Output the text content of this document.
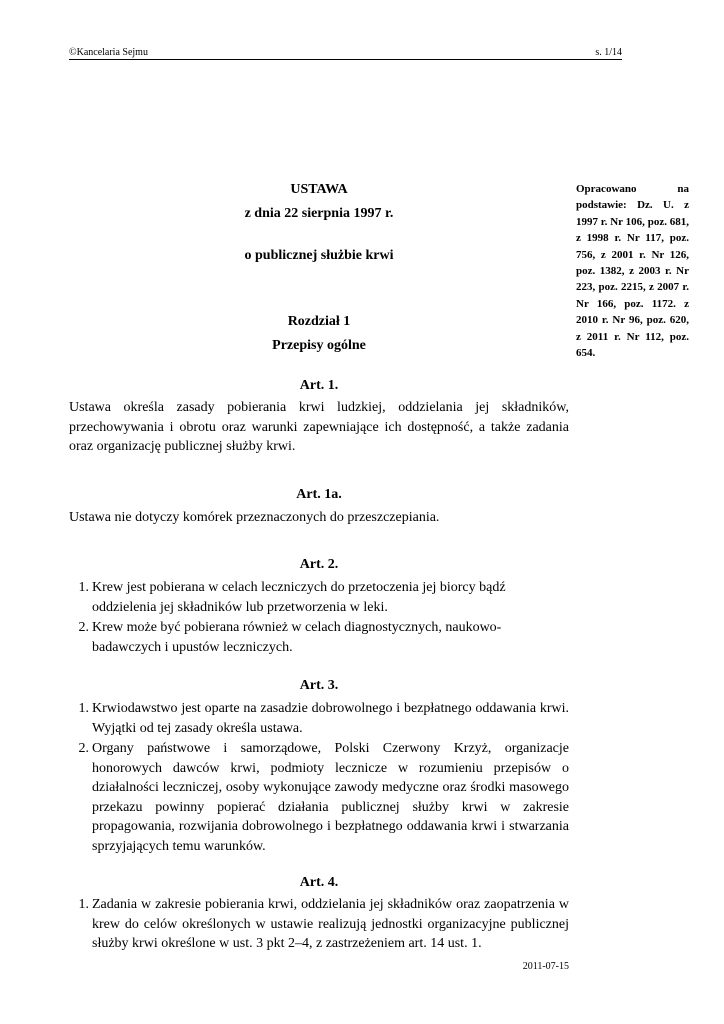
©Kancelaria Sejmu	s. 1/14
USTAWA
z dnia 22 sierpnia 1997 r.
o publicznej służbie krwi
Rozdział 1
Przepisy ogólne
Opracowano na podstawie: Dz. U. z 1997 r. Nr 106, poz. 681, z 1998 r. Nr 117, poz. 756, z 2001 r. Nr 126, poz. 1382, z 2003 r. Nr 223, poz. 2215, z 2007 r. Nr 166, poz. 1172. z 2010 r. Nr 96, poz. 620, z 2011 r. Nr 112, poz. 654.
Art. 1.
Ustawa określa zasady pobierania krwi ludzkiej, oddzielania jej składników, przechowywania i obrotu oraz warunki zapewniające ich dostępność, a także zadania oraz organizację publicznej służby krwi.
Art. 1a.
Ustawa nie dotyczy komórek przeznaczonych do przeszczepiania.
Art. 2.
1. Krew jest pobierana w celach leczniczych do przetoczenia jej biorcy bądź oddzielenia jej składników lub przetworzenia w leki.
2. Krew może być pobierana również w celach diagnostycznych, naukowo-badawczych i upustów leczniczych.
Art. 3.
1. Krwiodawstwo jest oparte na zasadzie dobrowolnego i bezpłatnego oddawania krwi. Wyjątki od tej zasady określa ustawa.
2. Organy państwowe i samorządowe, Polski Czerwony Krzyż, organizacje honorowych dawców krwi, podmioty lecznicze w rozumieniu przepisów o działalności leczniczej, osoby wykonujące zawody medyczne oraz środki masowego przekazu powinny popierać działania publicznej służby krwi w zakresie propagowania, rozwijania dobrowolnego i bezpłatnego oddawania krwi i stwarzania sprzyjających temu warunków.
Art. 4.
1. Zadania w zakresie pobierania krwi, oddzielania jej składników oraz zaopatrzenia w krew do celów określonych w ustawie realizują jednostki organizacyjne publicznej służby krwi określone w ust. 3 pkt 2–4, z zastrzeżeniem art. 14 ust. 1.
2011-07-15
